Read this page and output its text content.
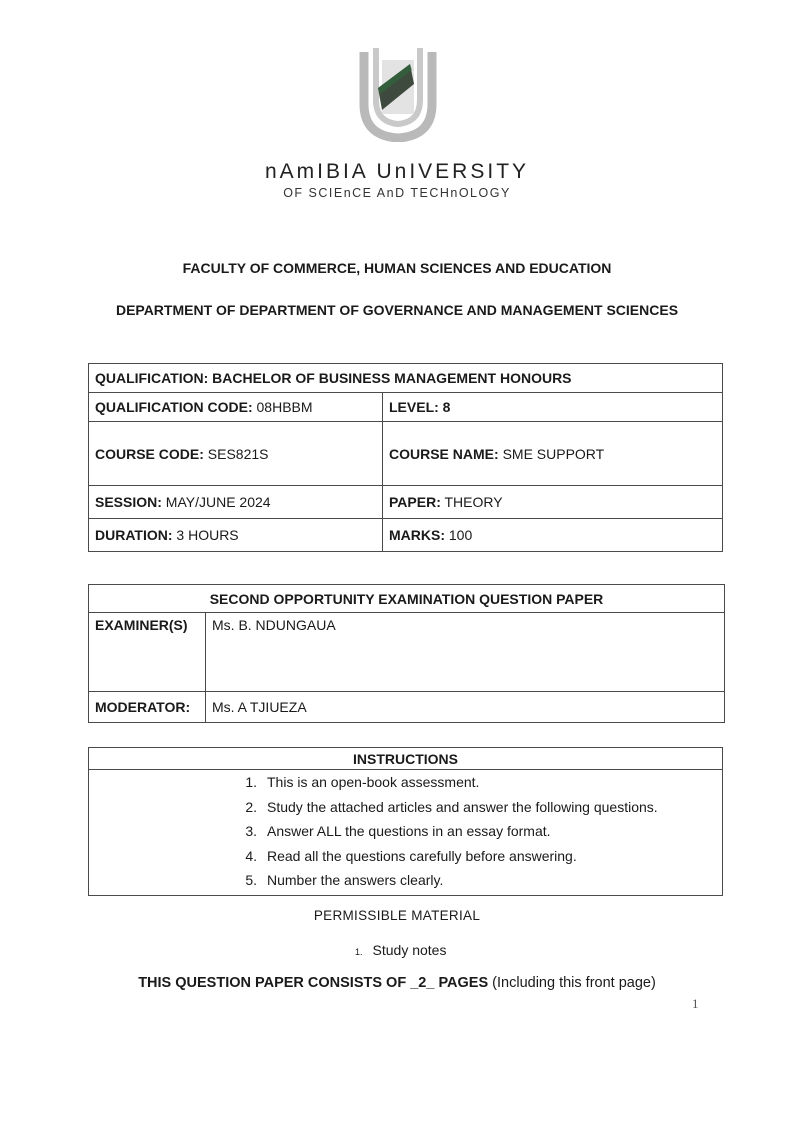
nAmIBIA UnIVERSITY
OF SCIEnCE AnD TECHnOLOGY
FACULTY OF COMMERCE, HUMAN SCIENCES AND EDUCATION
DEPARTMENT OF DEPARTMENT OF GOVERNANCE AND MANAGEMENT SCIENCES
QUALIFICATION: BACHELOR OF BUSINESS MANAGEMENT HONOURS	
QUALIFICATION CODE: 08HBBM	LEVEL: 8
COURSE CODE: SES821S	COURSE NAME: SME SUPPORT
SESSION: MAY/JUNE 2024	PAPER: THEORY
DURATION: 3 HOURS	MARKS: 100
SECOND OPPORTUNITY EXAMINATION QUESTION PAPER	
EXAMINER(S)	Ms. B. NDUNGAUA
MODERATOR:	Ms. A TJIUEZA
INSTRUCTIONS

1. This is an open-book assessment.
2. Study the attached articles and answer the following questions.
3. Answer ALL the questions in an essay format.
4. Read all the questions carefully before answering.
5. Number the answers clearly.
PERMISSIBLE MATERIAL
1. Study notes
THIS QUESTION PAPER CONSISTS OF _2_ PAGES (Including this front page)
1
